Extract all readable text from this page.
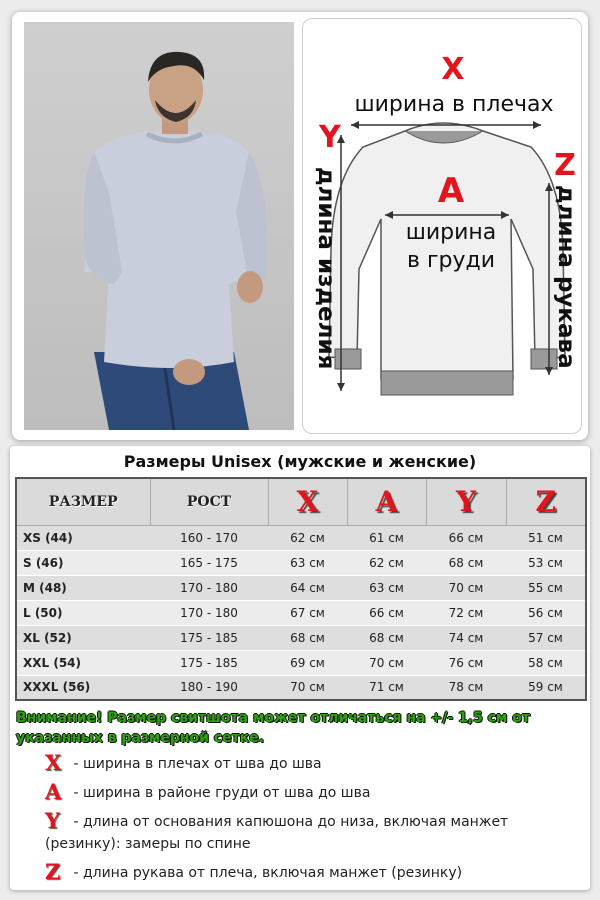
X
ширина в плечах
Y
длина изделия	A
ширина
в груди
Z
длина рукава
Размеры Unisex (мужские и женские)
РАЗМЕР	РОСТ	X	A	Y	Z
XS (44)	160 - 170	62 см	61 см	66 см	51 см
S (46)	165 - 175	63 см	62 см	68 см	53 см
M (48)	170 - 180	64 см	63 см	70 см	55 см
L (50)	170 - 180	67 см	66 см	72 см	56 см
XL (52)	175 - 185	68 см	68 см	74 см	57 см
XXL (54)	175 - 185	69 см	70 см	76 см	58 см
XXXL (56)	180 - 190	70 см	71 см	78 см	59 см
Внимание! Размер свитшота может отличаться на +/- 1,5 см от указанных в размерной сетке.
X - ширина в плечах от шва до шва
A - ширина в районе груди от шва до шва
Y - длина от основания капюшона до низа, включая манжет (резинку): замеры по спине
Z - длина рукава от плеча, включая манжет (резинку)
